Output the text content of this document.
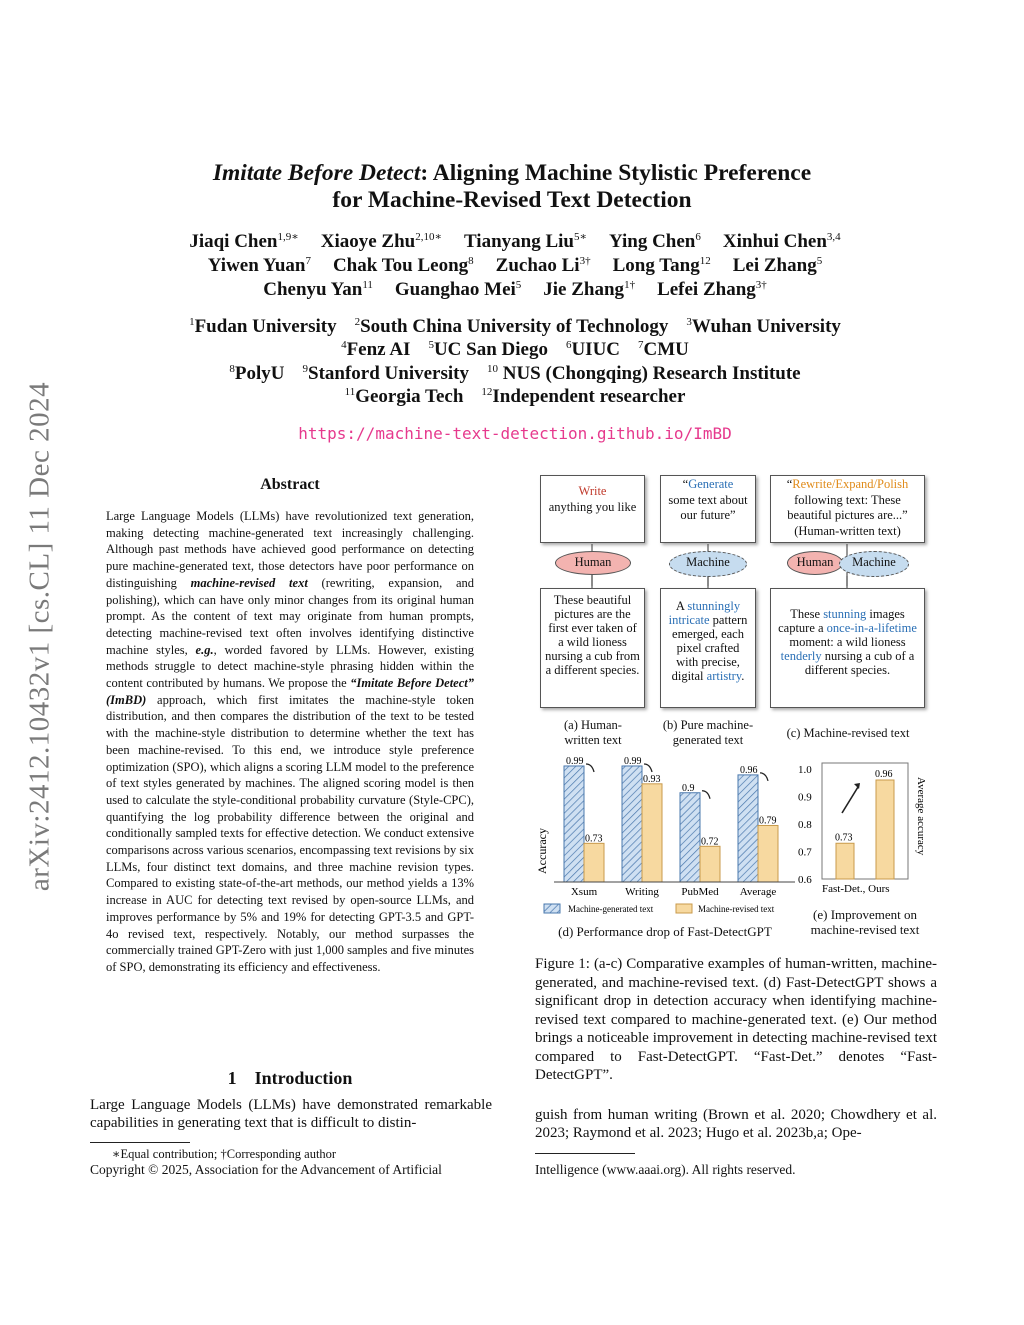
arXiv:2412.10432v1 [cs.CL] 11 Dec 2024
Imitate Before Detect: Aligning Machine Stylistic Preference
for Machine-Revised Text Detection
Jiaqi Chen$^{1,9∗}$ Xiaoye Zhu$^{2,10∗}$ Tianyang Liu$^{5∗}$ Ying Chen$^6$ Xinhui Chen$^{3,4}$
Yiwen Yuan$^7$ Chak Tou Leong$^8$ Zuchao $Li^{3\dagger}$ Long Tang$^{12}$ Lei Zhang$^5$
Chenyu Yan$^{11}$ Guanghao Mei$^5$ Jie Zhang$^{1\dagger}$ Lefei Zhang$^{3\dagger}$
$^1$Fudan University $^2$South China University of Technology $^3$Wuhan University
$^4$Fenz AI $^5$UC San Diego $^6$UIUC $^7$CMU
$^8$PolyU $^9$Stanford University $^{10}$ NUS (Chongqing) Research Institute
$^{11}$Georgia Tech $^{12}$Independent researcher
https://machine-text-detection.github.io/ImBD
Abstract
Large Language Models (LLMs) have revolutionized text generation, making detecting machine-generated text increasingly challenging. Although past methods have achieved good performance on detecting pure machine-generated text, those detectors have poor performance on distinguishing machine-revised text (rewriting, expansion, and polishing), which can have only minor changes from its original human prompt. As the content of text may originate from human prompts, detecting machine-revised text often involves identifying distinctive machine styles, e.g., worded favored by LLMs. However, existing methods struggle to detect machine-style phrasing hidden within the content contributed by humans. We propose the “Imitate Before Detect” (ImBD) approach, which first imitates the machine-style token distribution, and then compares the distribution of the text to be tested with the machine-style distribution to determine whether the text has been machine-revised. To this end, we introduce style preference optimization (SPO), which aligns a scoring LLM model to the preference of text styles generated by machines. The aligned scoring model is then used to calculate the style-conditional probability curvature (Style-CPC), quantifying the log probability difference between the original and conditionally sampled texts for effective detection. We conduct extensive comparisons across various scenarios, encompassing text revisions by six LLMs, four distinct text domains, and three machine revision types. Compared to existing state-of-the-art methods, our method yields a 13% increase in AUC for detecting text revised by open-source LLMs, and improves performance by 5% and 19% for detecting GPT-3.5 and GPT-4o revised text, respectively. Notably, our method surpasses the commercially trained GPT-Zero with just 1,000 samples and five minutes of SPO, demonstrating its efficiency and effectiveness.
1 Introduction
Large Language Models (LLMs) have demonstrated remarkable capabilities in generating text that is difficult to distin-
∗Equal contribution; †Corresponding author
Copyright © 2025, Association for the Advancement of Artificial
guish from human writing (Brown et al. 2020; Chowdhery et al. 2023; Raymond et al. 2023; Hugo et al. 2023b,a; Ope-
Intelligence (www.aaai.org). All rights reserved.
Write
anything you like
“Generate
some text about our future”
“Rewrite/Expand/Polish
following text: These beautiful pictures are...” (Human-written text)
Human	Machine	Human	Machine
These beautiful pictures are the first ever taken of a wild lioness nursing a cub from a different species.
A stunningly intricate pattern emerged, each pixel crafted with precise, digital artistry.
These stunning images capture a once-in-a-lifetime moment: a wild lioness tenderly nursing a cub of a different species.
(a) Human-written text
(b) Pure machine-generated text	(c) Machine-revised text
Accuracy
0.99
0.73
Xsum
0.99
0.93
Writing
0.9
0.72
PubMed
0.96
0.79
Average
Machine-generated text	Machine-revised text
(d) Performance drop of Fast-DetectGPT
1.0
0.9
0.8
0.7
0.6
0.73
0.96
Fast-Det., Ours
Average accuracy
(e) Improvement on machine-revised text
Figure 1: (a-c) Comparative examples of human-written, machine-generated, and machine-revised text. (d) Fast-DetectGPT shows a significant drop in detection accuracy when identifying machine-revised text compared to machine-generated text. (e) Our method brings a noticeable improvement in detecting machine-revised text compared to Fast-DetectGPT. “Fast-Det.” denotes “Fast-DetectGPT”.
